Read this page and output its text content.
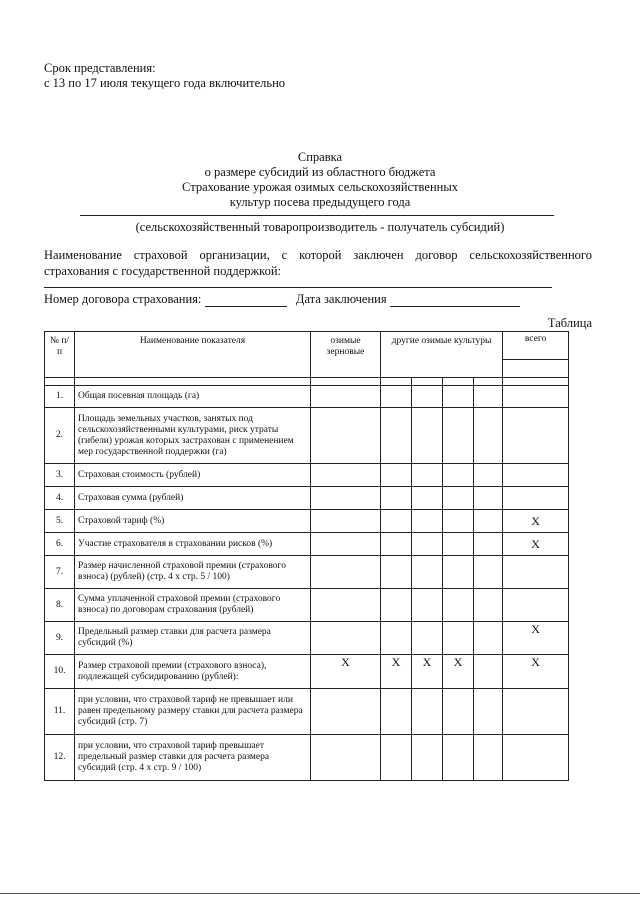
Срок представления:
с 13 по 17 июля текущего года включительно
Справка
о размере субсидий из областного бюджета
Страхование урожая озимых сельскохозяйственных
культур посева предыдущего года
(сельскохозяйственный товаропроизводитель - получатель субсидий)
Наименование страховой организации, с которой заключен договор сельскохозяйственного страхования с государственной поддержкой:
Номер договора страхования:	Дата заключения
Таблица
№ п/п	Наименование показателя	озимые зерновые	другие озимые культуры				всего

1.	Общая посевная площадь (га)						
2.	Площадь земельных участков, занятых под сельскохозяйственными культурами, риск утраты (гибели) урожая которых застрахован с применением мер государственной поддержки (га)						
3.	Страховая стоимость (рублей)						
4.	Страховая сумма (рублей)						
5.	Страховой тариф (%)						X
6.	Участие страхователя в страховании рисков (%)						X
7.	Размер начисленной страховой премии (страхового взноса) (рублей) (стр. 4 х стр. 5 / 100)						
8.	Сумма уплаченной страховой премии (страхового взноса) по договорам страхования (рублей)						
9.	Предельный размер ставки для расчета размера субсидий (%)						X
10.	Размер страховой премии (страхового взноса), подлежащей субсидированию (рублей):	X	X	X	X		X
11.	при условии, что страховой тариф не превышает или равен предельному размеру ставки для расчета размера субсидий (стр. 7)						
12.	при условии, что страховой тариф превышает предельный размер ставки для расчета размера субсидий (стр. 4 х стр. 9 / 100)						
